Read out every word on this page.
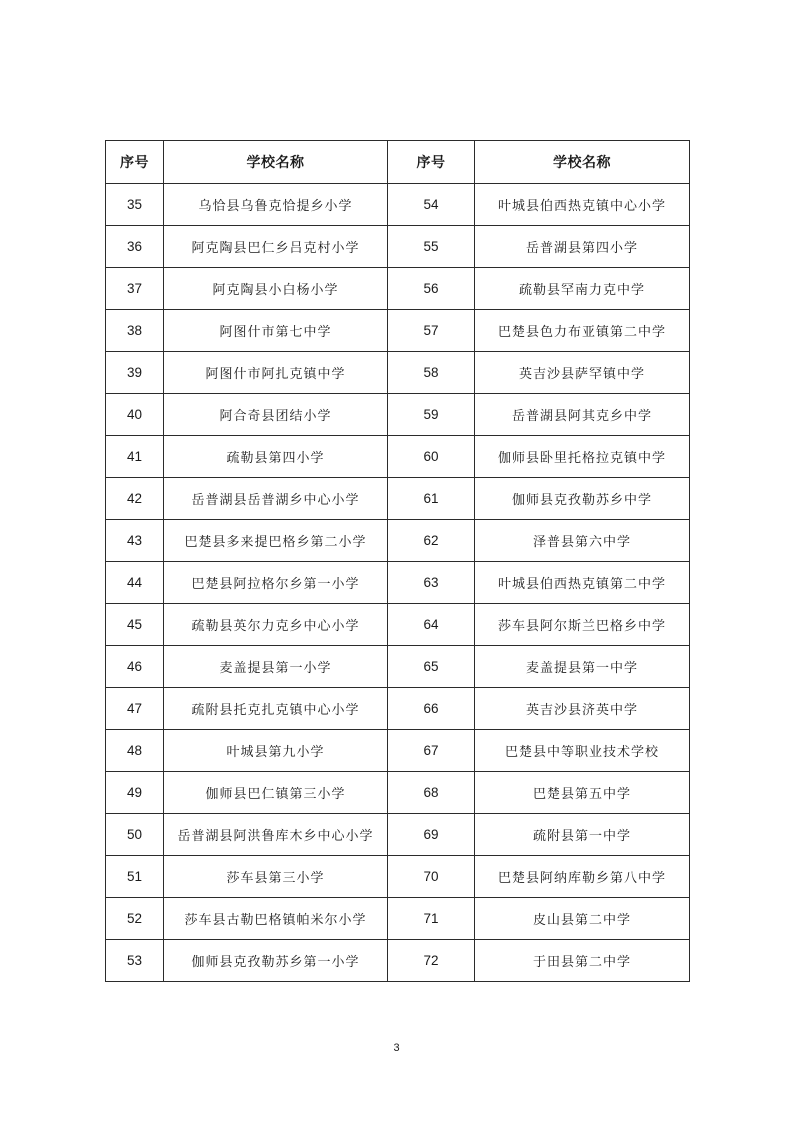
序号	学校名称	序号	学校名称
35	乌恰县乌鲁克恰提乡小学	54	叶城县伯西热克镇中心小学
36	阿克陶县巴仁乡吕克村小学	55	岳普湖县第四小学
37	阿克陶县小白杨小学	56	疏勒县罕南力克中学
38	阿图什市第七中学	57	巴楚县色力布亚镇第二中学
39	阿图什市阿扎克镇中学	58	英吉沙县萨罕镇中学
40	阿合奇县团结小学	59	岳普湖县阿其克乡中学
41	疏勒县第四小学	60	伽师县卧里托格拉克镇中学
42	岳普湖县岳普湖乡中心小学	61	伽师县克孜勒苏乡中学
43	巴楚县多来提巴格乡第二小学	62	泽普县第六中学
44	巴楚县阿拉格尔乡第一小学	63	叶城县伯西热克镇第二中学
45	疏勒县英尔力克乡中心小学	64	莎车县阿尔斯兰巴格乡中学
46	麦盖提县第一小学	65	麦盖提县第一中学
47	疏附县托克扎克镇中心小学	66	英吉沙县济英中学
48	叶城县第九小学	67	巴楚县中等职业技术学校
49	伽师县巴仁镇第三小学	68	巴楚县第五中学
50	岳普湖县阿洪鲁库木乡中心小学	69	疏附县第一中学
51	莎车县第三小学	70	巴楚县阿纳库勒乡第八中学
52	莎车县古勒巴格镇帕米尔小学	71	皮山县第二中学
53	伽师县克孜勒苏乡第一小学	72	于田县第二中学
3
